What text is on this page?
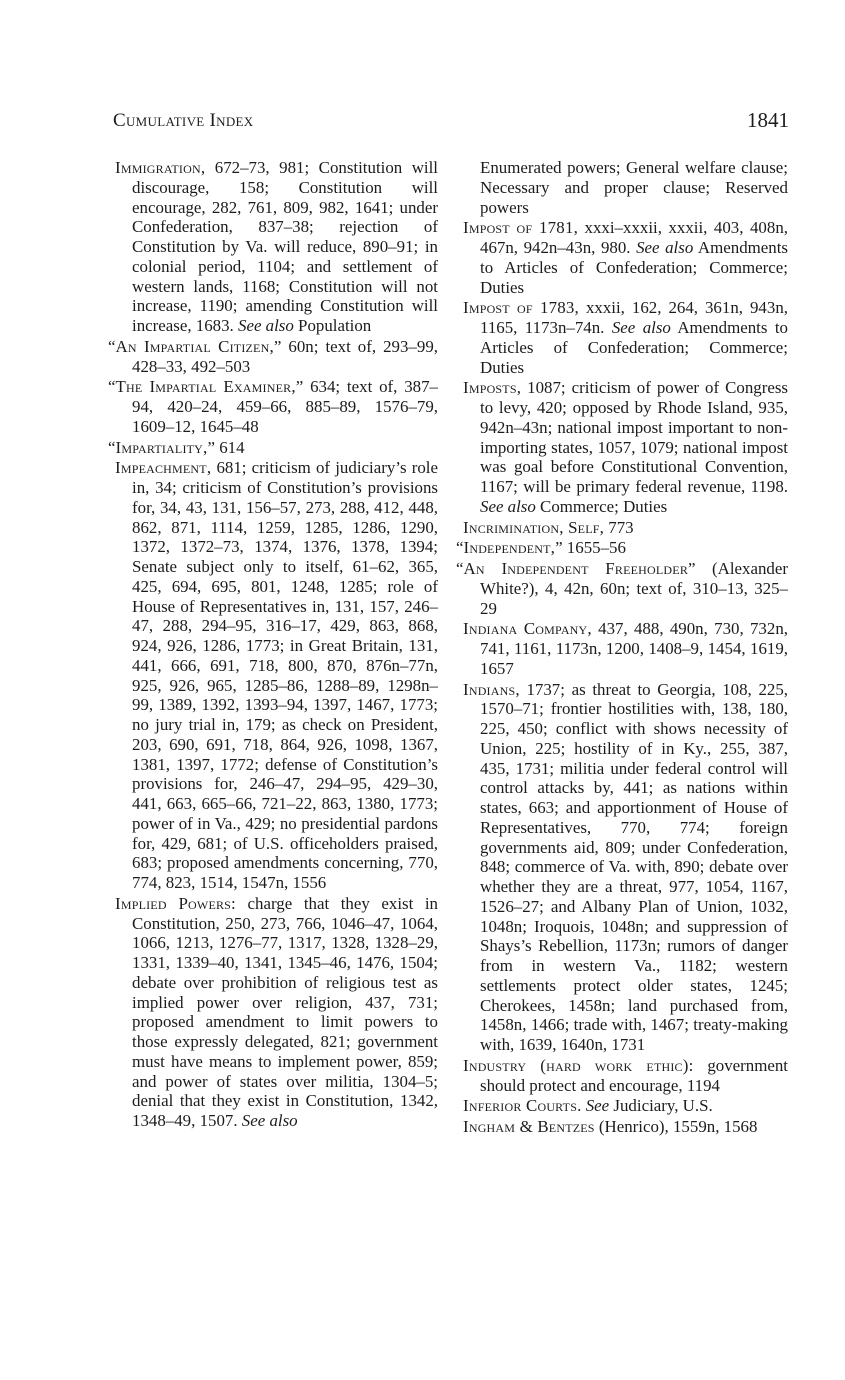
Cumulative Index	1841
Immigration, 672–73, 981; Constitution will discourage, 158; Constitution will encourage, 282, 761, 809, 982, 1641; under Confederation, 837–38; rejection of Constitution by Va. will reduce, 890–91; in colonial period, 1104; and settlement of western lands, 1168; Constitution will not increase, 1190; amending Constitution will increase, 1683. See also Population
“An Impartial Citizen,” 60n; text of, 293–99, 428–33, 492–503
“The Impartial Examiner,” 634; text of, 387–94, 420–24, 459–66, 885–89, 1576–79, 1609–12, 1645–48
“Impartiality,” 614
Impeachment, 681; criticism of judiciary’s role in, 34; criticism of Constitution’s provisions for, 34, 43, 131, 156–57, 273, 288, 412, 448, 862, 871, 1114, 1259, 1285, 1286, 1290, 1372, 1372–73, 1374, 1376, 1378, 1394; Senate subject only to itself, 61–62, 365, 425, 694, 695, 801, 1248, 1285; role of House of Representatives in, 131, 157, 246–47, 288, 294–95, 316–17, 429, 863, 868, 924, 926, 1286, 1773; in Great Britain, 131, 441, 666, 691, 718, 800, 870, 876n–77n, 925, 926, 965, 1285–86, 1288–89, 1298n–99, 1389, 1392, 1393–94, 1397, 1467, 1773; no jury trial in, 179; as check on President, 203, 690, 691, 718, 864, 926, 1098, 1367, 1381, 1397, 1772; defense of Constitution’s provisions for, 246–47, 294–95, 429–30, 441, 663, 665–66, 721–22, 863, 1380, 1773; power of in Va., 429; no presidential pardons for, 429, 681; of U.S. officeholders praised, 683; proposed amendments concerning, 770, 774, 823, 1514, 1547n, 1556
Implied Powers: charge that they exist in Constitution, 250, 273, 766, 1046–47, 1064, 1066, 1213, 1276–77, 1317, 1328, 1328–29, 1331, 1339–40, 1341, 1345–46, 1476, 1504; debate over prohibition of religious test as implied power over religion, 437, 731; proposed amendment to limit powers to those expressly delegated, 821; government must have means to implement power, 859; and power of states over militia, 1304–5; denial that they exist in Constitution, 1342, 1348–49, 1507. See also
Enumerated powers; General welfare clause; Necessary and proper clause; Reserved powers
Impost of 1781, xxxi–xxxii, xxxii, 403, 408n, 467n, 942n–43n, 980. See also Amendments to Articles of Confederation; Commerce; Duties
Impost of 1783, xxxii, 162, 264, 361n, 943n, 1165, 1173n–74n. See also Amendments to Articles of Confederation; Commerce; Duties
Imposts, 1087; criticism of power of Congress to levy, 420; opposed by Rhode Island, 935, 942n–43n; national impost important to non-importing states, 1057, 1079; national impost was goal before Constitutional Convention, 1167; will be primary federal revenue, 1198. See also Commerce; Duties
Incrimination, Self, 773
“Independent,” 1655–56
“An Independent Freeholder” (Alexander White?), 4, 42n, 60n; text of, 310–13, 325–29
Indiana Company, 437, 488, 490n, 730, 732n, 741, 1161, 1173n, 1200, 1408–9, 1454, 1619, 1657
Indians, 1737; as threat to Georgia, 108, 225, 1570–71; frontier hostilities with, 138, 180, 225, 450; conflict with shows necessity of Union, 225; hostility of in Ky., 255, 387, 435, 1731; militia under federal control will control attacks by, 441; as nations within states, 663; and apportionment of House of Representatives, 770, 774; foreign governments aid, 809; under Confederation, 848; commerce of Va. with, 890; debate over whether they are a threat, 977, 1054, 1167, 1526–27; and Albany Plan of Union, 1032, 1048n; Iroquois, 1048n; and suppression of Shays’s Rebellion, 1173n; rumors of danger from in western Va., 1182; western settlements protect older states, 1245; Cherokees, 1458n; land purchased from, 1458n, 1466; trade with, 1467; treaty-making with, 1639, 1640n, 1731
Industry (hard work ethic): government should protect and encourage, 1194
Inferior Courts. See Judiciary, U.S.
Ingham & Bentzes (Henrico), 1559n, 1568
